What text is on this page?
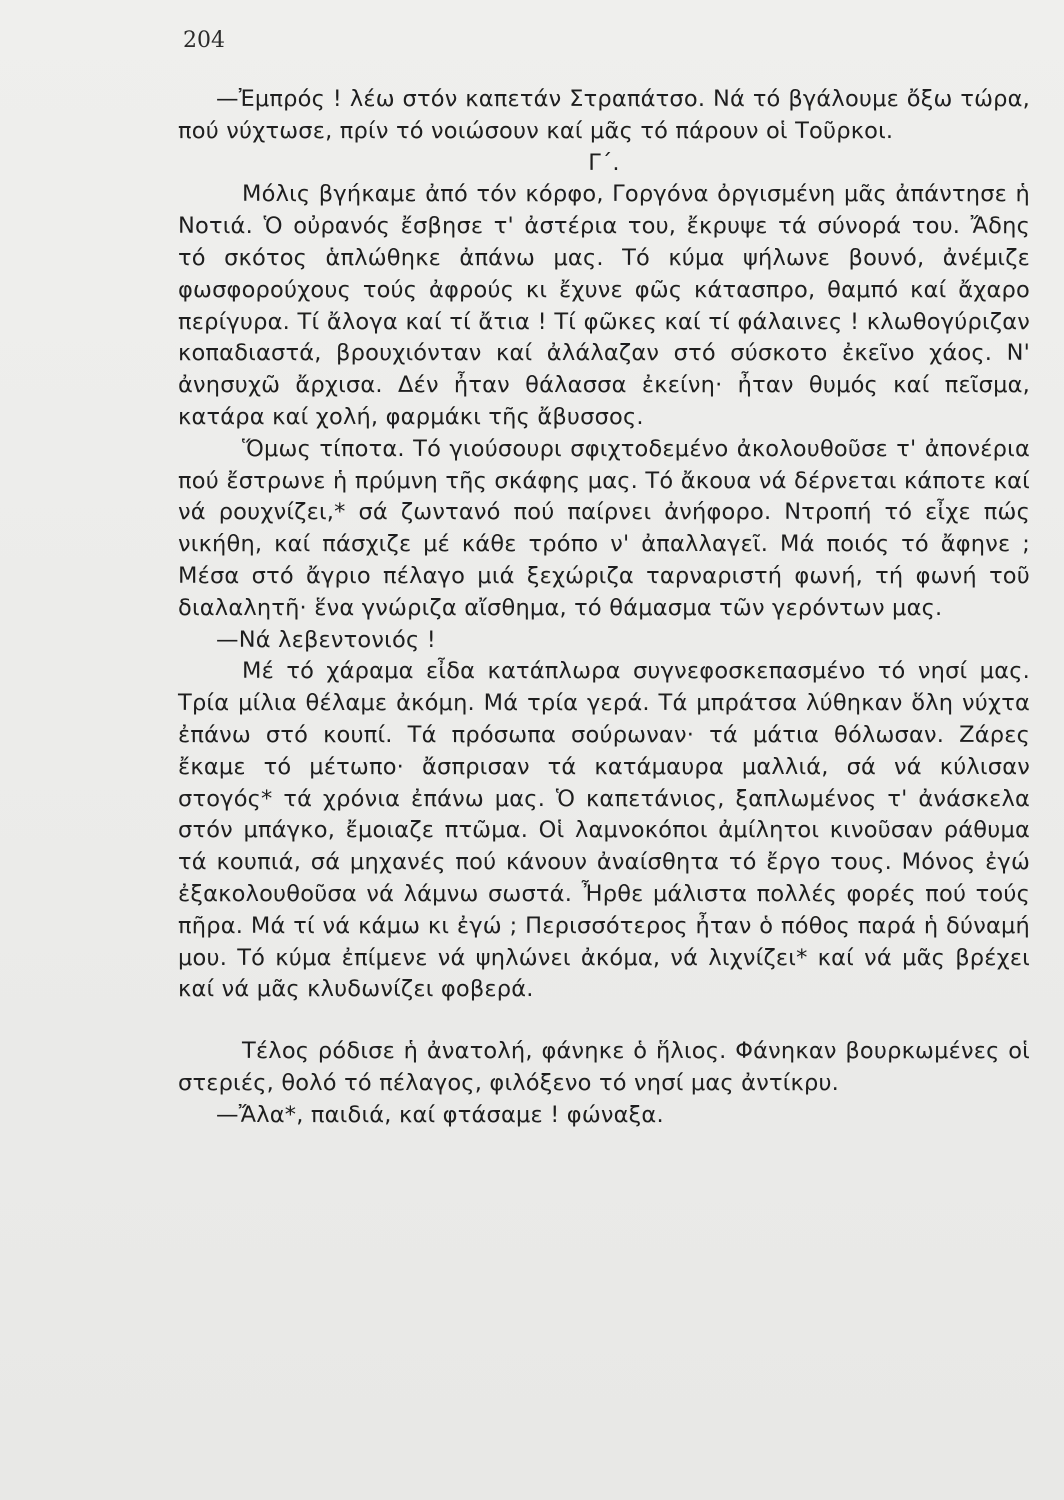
204

—Ἐμπρός ! λέω στόν καπετάν Στραπάτσο. Νά τό βγάλουμε ὄξω τώρα, πού νύχτωσε, πρίν τό νοιώσουν καί μᾶς τό πάρουν οἱ Τοῦρκοι.

Γ΄.

Μόλις βγήκαμε ἀπό τόν κόρφο, Γοργόνα ὀργισμένη μᾶς ἀπάντησε ἡ Νοτιά. Ὁ οὐρανός ἔσβησε τ' ἀστέρια του, ἔκρυψε τά σύνορά του. Ἄδης τό σκότος ἁπλώθηκε ἀπάνω μας. Τό κύμα ψήλωνε βουνό, ἀνέμιζε φωσφορούχους τούς ἀφρούς κι ἔχυνε φῶς κάτασπρο, θαμπό καί ἄχαρο περίγυρα. Τί ἄλογα καί τί ἄτια ! Τί φῶκες καί τί φάλαινες ! κλωθογύριζαν κοπαδιαστά, βρουχιόνταν καί ἀλάλαζαν στό σύσκοτο ἐκεῖνο χάος. Ν' ἀνησυχῶ ἄρχισα. Δέν ἦταν θάλασσα ἐκείνη· ἦταν θυμός καί πεῖσμα, κατάρα καί χολή, φαρμάκι τῆς ἄβυσσος.

Ὅμως τίποτα. Τό γιούσουρι σφιχτοδεμένο ἀκολουθοῦσε τ' ἀπονέρια πού ἔστρωνε ἡ πρύμνη τῆς σκάφης μας. Τό ἄκουα νά δέρνεται κάποτε καί νά ρουχνίζει,* σά ζωντανό πού παίρνει ἀνήφορο. Ντροπή τό εἶχε πώς νικήθη, καί πάσχιζε μέ κάθε τρόπο ν' ἀπαλλαγεῖ. Μά ποιός τό ἄφηνε ; Μέσα στό ἄγριο πέλαγο μιά ξεχώριζα ταρναριστή φωνή, τή φωνή τοῦ διαλαλητῆ· ἕνα γνώριζα αἴσθημα, τό θάμασμα τῶν γερόντων μας.

—Νά λεβεντονιός !

Μέ τό χάραμα εἶδα κατάπλωρα συγνεφοσκεπασμένο τό νησί μας. Τρία μίλια θέλαμε ἀκόμη. Μά τρία γερά. Τά μπράτσα λύθηκαν ὅλη νύχτα ἐπάνω στό κουπί. Τά πρόσωπα σούρωναν· τά μάτια θόλωσαν. Ζάρες ἔκαμε τό μέτωπο· ἄσπρισαν τά κατάμαυρα μαλλιά, σά νά κύλισαν στογός* τά χρόνια ἐπάνω μας. Ὁ καπετάνιος, ξαπλωμένος τ' ἀνάσκελα στόν μπάγκο, ἔμοιαζε πτῶμα. Οἱ λαμνοκόποι ἀμίλητοι κινοῦσαν ράθυμα τά κουπιά, σά μηχανές πού κάνουν ἀναίσθητα τό ἔργο τους. Μόνος ἐγώ ἐξακολουθοῦσα νά λάμνω σωστά. Ἦρθε μάλιστα πολλές φορές πού τούς πῆρα. Μά τί νά κάμω κι ἐγώ ; Περισσότερος ἦταν ὁ πόθος παρά ἡ δύναμή μου. Τό κύμα ἐπίμενε νά ψηλώνει ἀκόμα, νά λιχνίζει* καί νά μᾶς βρέχει καί νά μᾶς κλυδωνίζει φοβερά.

Τέλος ρόδισε ἡ ἀνατολή, φάνηκε ὁ ἥλιος. Φάνηκαν βουρκωμένες οἱ στεριές, θολό τό πέλαγος, φιλόξενο τό νησί μας ἀντίκρυ.

—Ἄλα*, παιδιά, καί φτάσαμε ! φώναξα.
